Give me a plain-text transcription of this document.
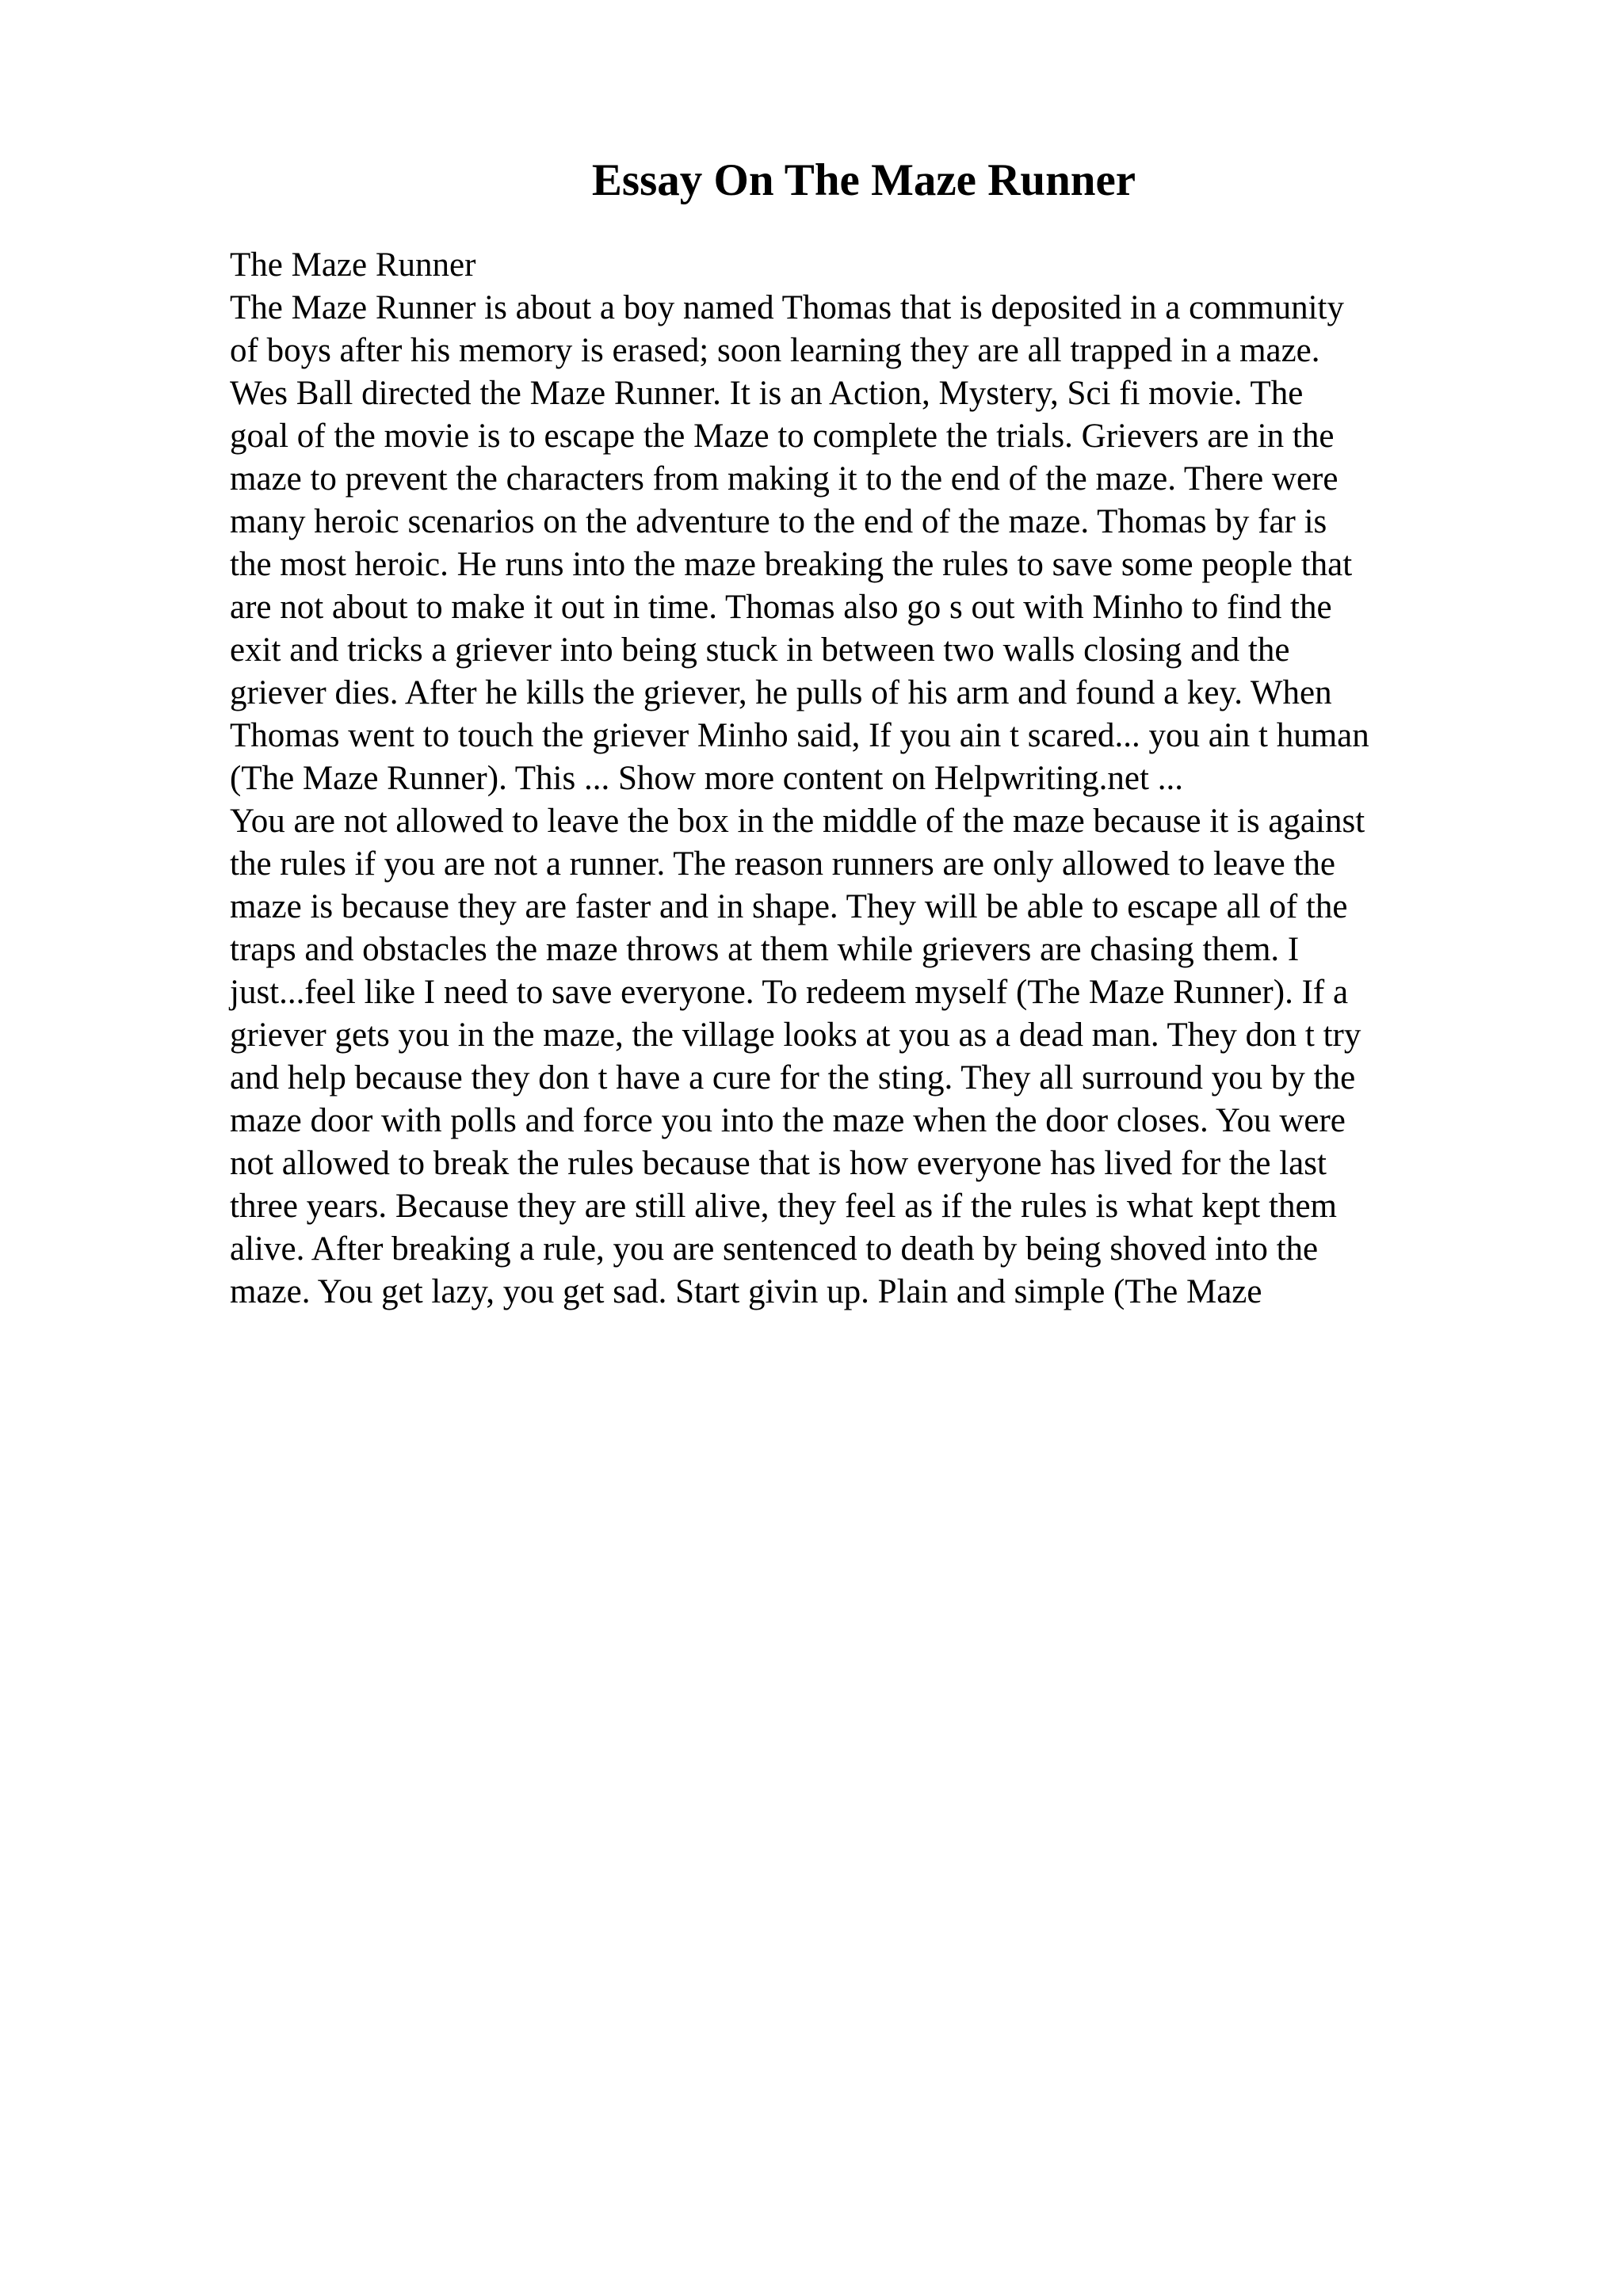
Essay On The Maze Runner
The Maze Runner
The Maze Runner is about a boy named Thomas that is deposited in a community
of boys after his memory is erased; soon learning they are all trapped in a maze.
Wes Ball directed the Maze Runner. It is an Action, Mystery, Sci fi movie. The
goal of the movie is to escape the Maze to complete the trials. Grievers are in the
maze to prevent the characters from making it to the end of the maze. There were
many heroic scenarios on the adventure to the end of the maze. Thomas by far is
the most heroic. He runs into the maze breaking the rules to save some people that
are not about to make it out in time. Thomas also go s out with Minho to find the
exit and tricks a griever into being stuck in between two walls closing and the
griever dies. After he kills the griever, he pulls of his arm and found a key. When
Thomas went to touch the griever Minho said, If you ain t scared... you ain t human
(The Maze Runner). This ... Show more content on Helpwriting.net ...
You are not allowed to leave the box in the middle of the maze because it is against
the rules if you are not a runner. The reason runners are only allowed to leave the
maze is because they are faster and in shape. They will be able to escape all of the
traps and obstacles the maze throws at them while grievers are chasing them. I
just...feel like I need to save everyone. To redeem myself (The Maze Runner). If a
griever gets you in the maze, the village looks at you as a dead man. They don t try
and help because they don t have a cure for the sting. They all surround you by the
maze door with polls and force you into the maze when the door closes. You were
not allowed to break the rules because that is how everyone has lived for the last
three years. Because they are still alive, they feel as if the rules is what kept them
alive. After breaking a rule, you are sentenced to death by being shoved into the
maze. You get lazy, you get sad. Start givin up. Plain and simple (The Maze
